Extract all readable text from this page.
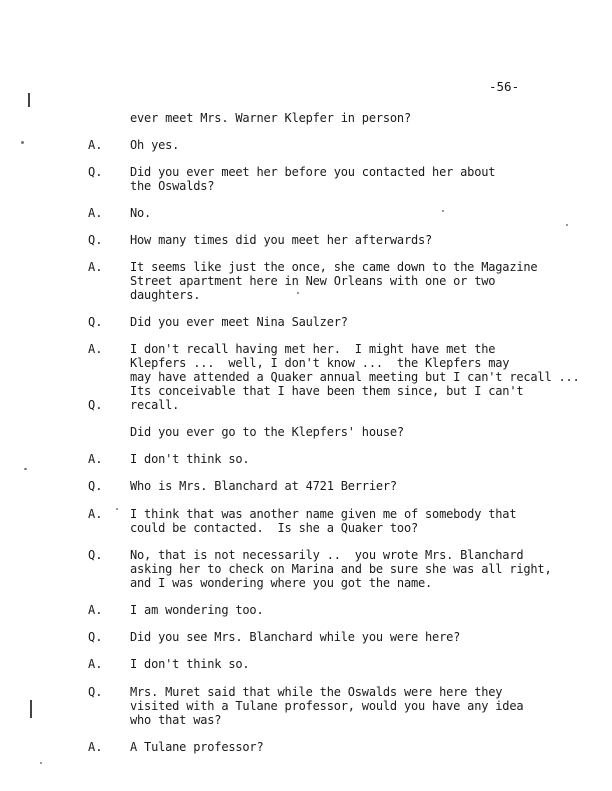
-56-
ever meet Mrs. Warner Klepfer in person?
A. Oh yes.
Q. Did you ever meet her before you contacted her about
the Oswalds?
A. No.
Q. How many times did you meet her afterwards?
A. It seems like just the once, she came down to the Magazine
Street apartment here in New Orleans with one or two
daughters.
Q. Did you ever meet Nina Saulzer?
A. I don't recall having met her.  I might have met the
Klepfers ...  well, I don't know ...  the Klepfers may
may have attended a Quaker annual meeting but I can't recall ...
Its conceivable that I have been them since, but I can't
Q. recall.
Did you ever go to the Klepfers' house?
A. I don't think so.
Q. Who is Mrs. Blanchard at 4721 Berrier?
A. I think that was another name given me of somebody that
could be contacted.  Is she a Quaker too?
Q. No, that is not necessarily ..  you wrote Mrs. Blanchard
asking her to check on Marina and be sure she was all right,
and I was wondering where you got the name.
A. I am wondering too.
Q. Did you see Mrs. Blanchard while you were here?
A. I don't think so.
Q. Mrs. Muret said that while the Oswalds were here they
visited with a Tulane professor, would you have any idea
who that was?
A. A Tulane professor?
